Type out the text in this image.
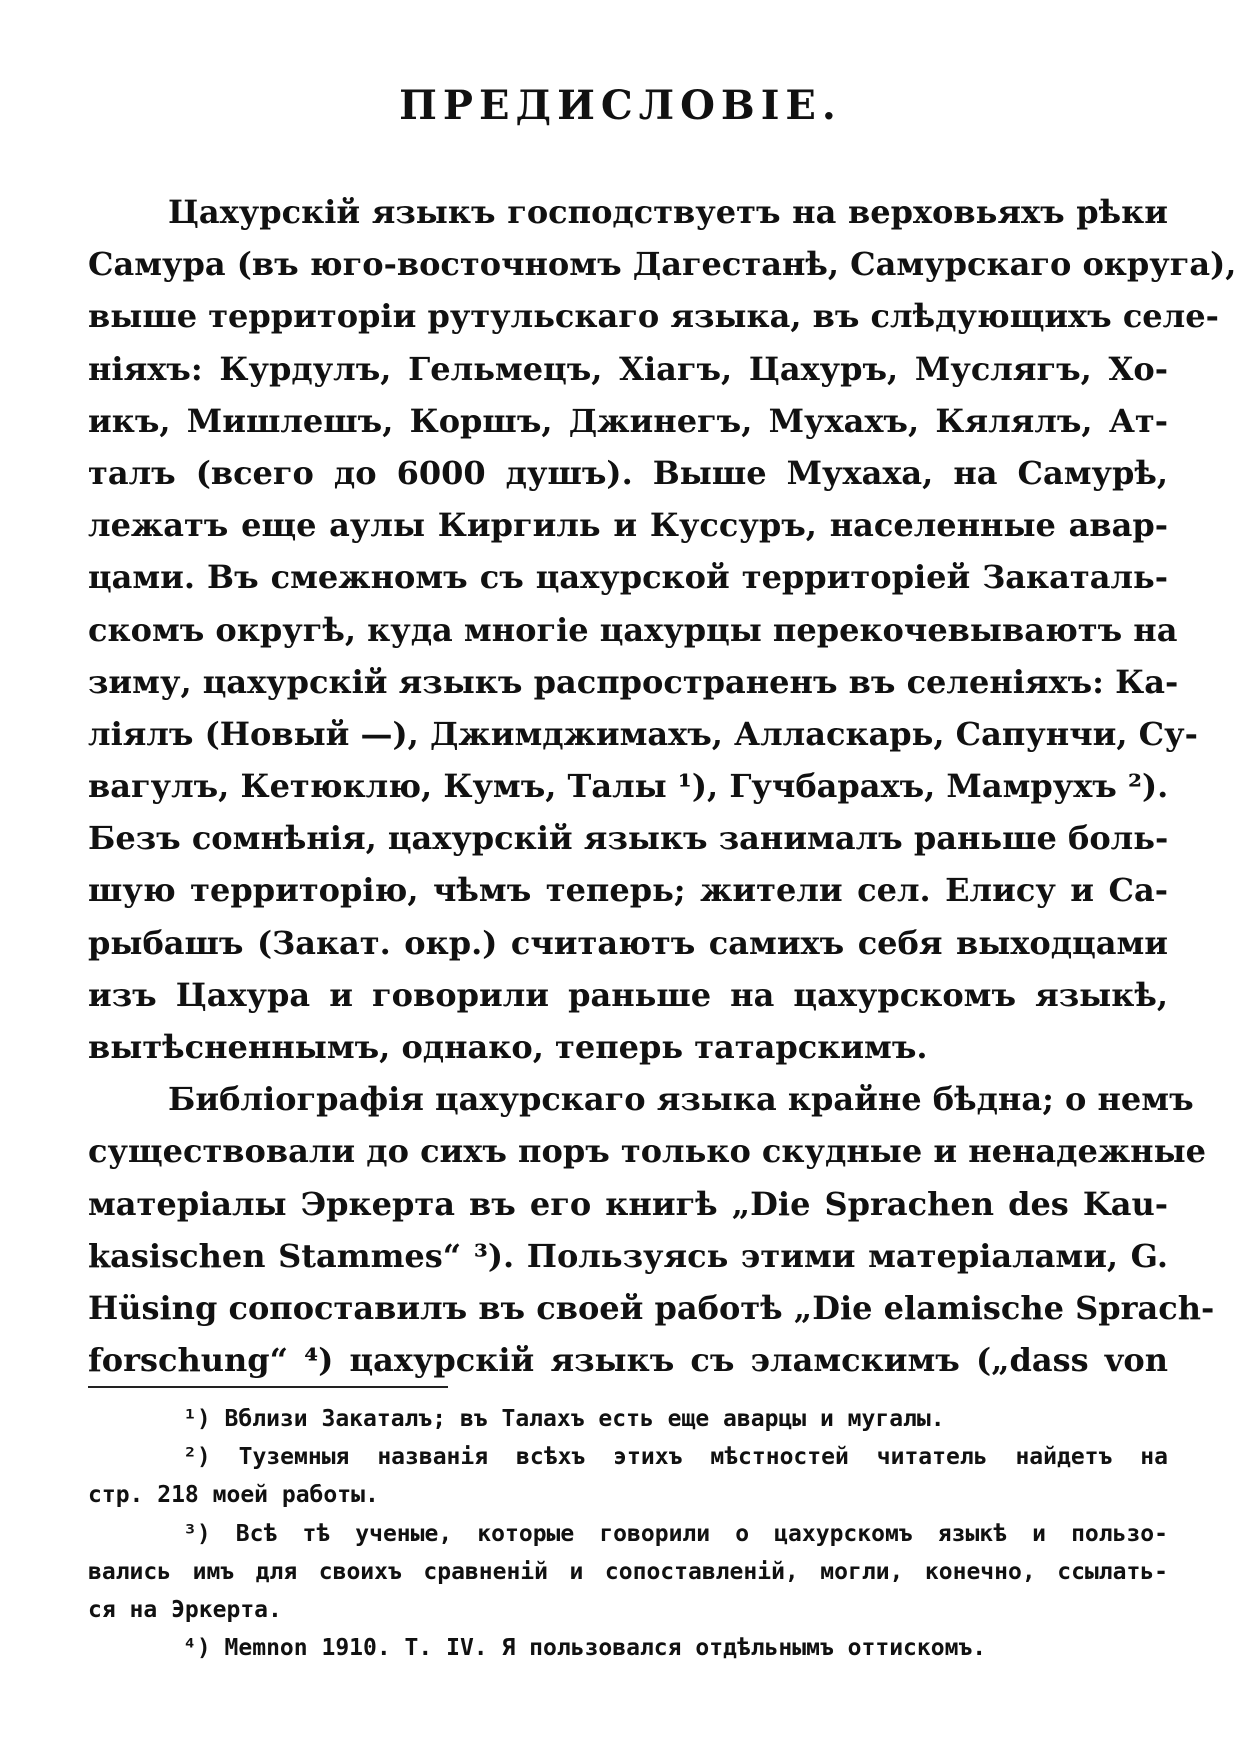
ПРЕДИСЛОВІЕ.
Цахурскій языкъ господствуетъ на верховьяхъ рѣки
Самура (въ юго-восточномъ Дагестанѣ, Самурскаго округа),
выше территоріи рутульскаго языка, въ слѣдующихъ селе-
ніяхъ: Курдулъ, Гельмецъ, Хіагъ, Цахуръ, Муслягъ, Хо-
икъ, Мишлешъ, Коршъ, Джинегъ, Мухахъ, Кялялъ, Ат-
талъ (всего до 6000 душъ). Выше Мухаха, на Самурѣ,
лежатъ еще аулы Киргиль и Куссуръ, населенные авар-
цами. Въ смежномъ съ цахурской территоріей Закаталь-
скомъ округѣ, куда многіе цахурцы перекочевываютъ на
зиму, цахурскій языкъ распространенъ въ селеніяхъ: Ка-
ліялъ (Новый —), Джимджимахъ, Алласкарь, Сапунчи, Су-
вагулъ, Кетюклю, Кумъ, Талы ¹), Гучбарахъ, Мамрухъ ²).
Безъ сомнѣнія, цахурскій языкъ занималъ раньше боль-
шую территорію, чѣмъ теперь; жители сел. Елису и Са-
рыбашъ (Закат. окр.) считаютъ самихъ себя выходцами
изъ Цахура и говорили раньше на цахурскомъ языкѣ,
вытѣсненнымъ, однако, теперь татарскимъ.
Библіографія цахурскаго языка крайне бѣдна; о немъ
существовали до сихъ поръ только скудные и ненадежные
матеріалы Эркерта въ его книгѣ „Die Sprachen des Kau-
kasischen Stammes“ ³). Пользуясь этими матеріалами, G.
Hüsing сопоставилъ въ своей работѣ „Die elamische Sprach-
forschung“ ⁴) цахурскій языкъ съ эламскимъ („dass von
¹) Вблизи Закаталъ; въ Талахъ есть еще аварцы и мугалы.
²) Туземныя названія всѣхъ этихъ мѣстностей читатель найдетъ на
стр. 218 моей работы.
³) Всѣ тѣ ученые, которые говорили о цахурскомъ языкѣ и пользо-
вались имъ для своихъ сравненій и сопоставленій, могли, конечно, ссылать-
ся на Эркерта.
⁴) Memnon 1910. T. IV. Я пользовался отдѣльнымъ оттискомъ.
